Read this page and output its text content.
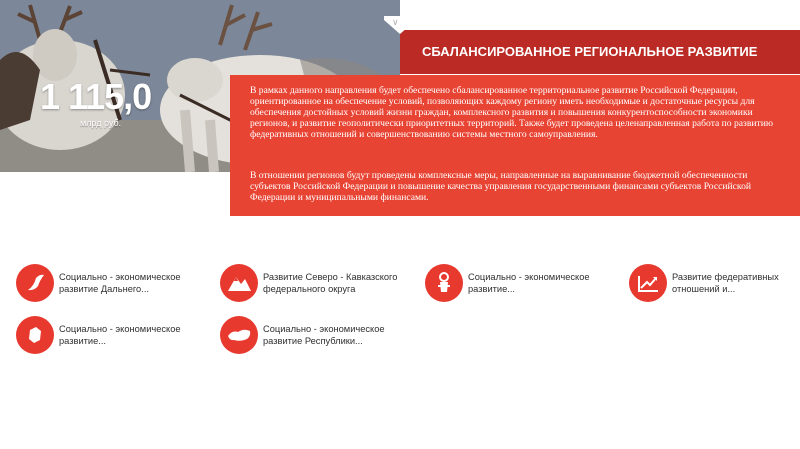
1 115,0
млрд руб.
СБАЛАНСИРОВАННОЕ РЕГИОНАЛЬНОЕ РАЗВИТИЕ
∨

В рамках данного направления будет обеспечено сбалансированное территориальное развитие Российской Федерации, ориентированное на обеспечение условий, позволяющих каждому региону иметь необходимые и достаточные ресурсы для обеспечения достойных условий жизни граждан, комплексного развития и повышения конкурентоспособности экономики регионов, и развитие геополитически приоритетных территорий. Также будет проведена целенаправленная работа по развитию федеративных отношений и совершенствованию системы местного самоуправления.

В отношении регионов будут проведены комплексные меры, направленные на выравнивание бюджетной обеспеченности субъектов Российской Федерации и повышение качества управления государственными финансами субъектов Российской Федерации и муниципальными финансами.

Социально - экономическое развитие Дальнего...
Развитие Северо - Кавказского федерального округа
Социально - экономическое развитие...
Развитие федеративных отношений и...
Социально - экономическое развитие...
Социально - экономическое развитие Республики...
